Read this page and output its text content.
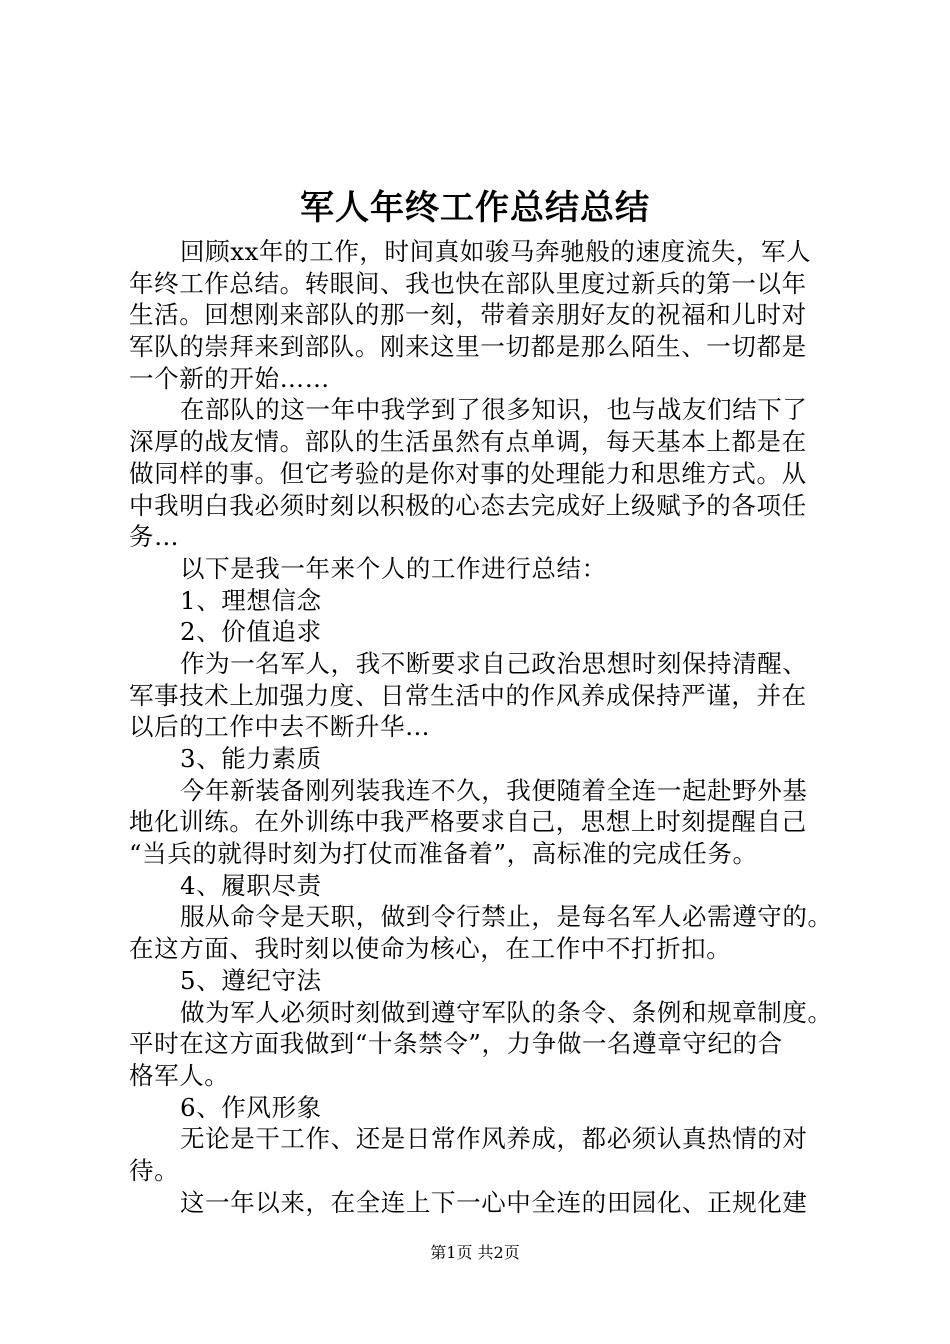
军人年终工作总结总结
回顾xx年的工作，时间真如骏马奔驰般的速度流失，军人
年终工作总结。转眼间、我也快在部队里度过新兵的第一以年
生活。回想刚来部队的那一刻，带着亲朋好友的祝福和儿时对
军队的崇拜来到部队。刚来这里一切都是那么陌生、一切都是
一个新的开始……
在部队的这一年中我学到了很多知识，也与战友们结下了
深厚的战友情。部队的生活虽然有点单调，每天基本上都是在
做同样的事。但它考验的是你对事的处理能力和思维方式。从
中我明白我必须时刻以积极的心态去完成好上级赋予的各项任
务…
以下是我一年来个人的工作进行总结：
1、理想信念
2、价值追求
作为一名军人，我不断要求自己政治思想时刻保持清醒、
军事技术上加强力度、日常生活中的作风养成保持严谨，并在
以后的工作中去不断升华…
3、能力素质
今年新装备刚列装我连不久，我便随着全连一起赴野外基
地化训练。在外训练中我严格要求自己，思想上时刻提醒自己
“当兵的就得时刻为打仗而准备着”，高标准的完成任务。
4、履职尽责
服从命令是天职，做到令行禁止，是每名军人必需遵守的。
在这方面、我时刻以使命为核心，在工作中不打折扣。
5、遵纪守法
做为军人必须时刻做到遵守军队的条令、条例和规章制度。
平时在这方面我做到“十条禁令”，力争做一名遵章守纪的合
格军人。
6、作风形象
无论是干工作、还是日常作风养成，都必须认真热情的对
待。
这一年以来，在全连上下一心中全连的田园化、正规化建
第1页 共2页
